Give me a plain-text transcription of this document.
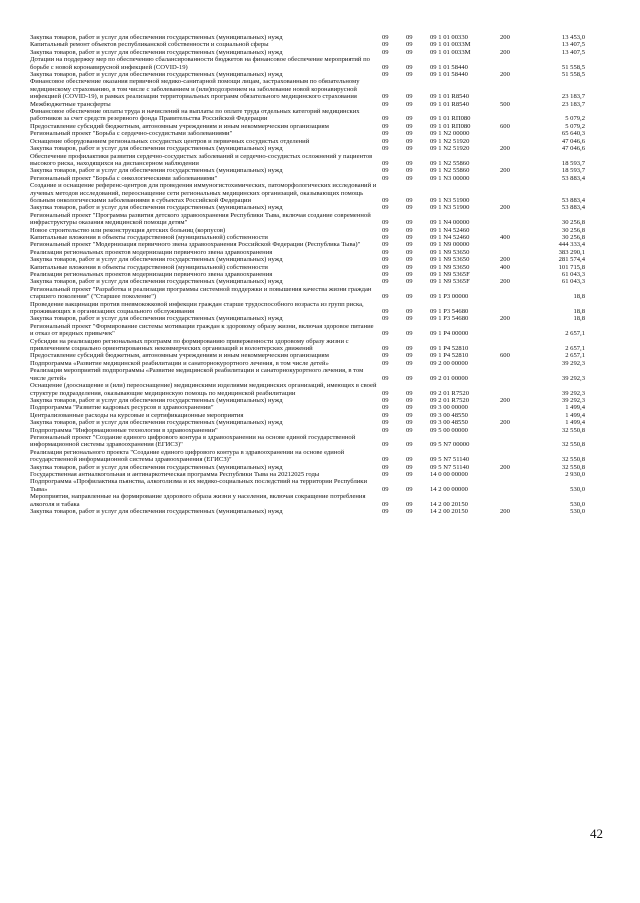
Закупка товаров, работ и услуг для обеспечения государственных (муниципальных) нужд	09	09	09 1 01 00330	200	13 453,0
Капитальный ремонт объектов республиканской собственности и социальной сферы	09	09	09 1 01 0033М	13 407,5
Закупка товаров, работ и услуг для обеспечения государственных (муниципальных) нужд	09	09	09 1 01 0033М	200	13 407,5
Дотации на поддержку мер по обеспечению сбалансированности бюджетов на финансовое обеспечение мероприятий по борьбе с новой коронавирусной инфекцией (COVID-19)	09	09	09 1 01 58440	51 558,5
Закупка товаров, работ и услуг для обеспечения государственных (муниципальных) нужд	09	09	09 1 01 58440	200	51 558,5
Финансовое обеспечение оказания первичной медико-санитарной помощи лицам, застрахованным по обязательному медицинскому страхованию, в том числе с заболеванием и (или)подозрением на заболевание новой коронавирусной инфекцией (COVID-19), в рамках реализации территориальных программ обязательного медицинского страхования	09	09	09 1 01 R8540	23 183,7
Межбюджетные трансферты	09	09	09 1 01 R8540	500	23 183,7
Финансовое обеспечение оплаты труда и начислений на выплаты по оплате труда отдельных категорий медицинских работников за счет средств резервного фонда Правительства Российской Федерации	09	09	09 1 01 RП080	5 079,2
Предоставление субсидий бюджетным, автономным учреждениям и иным некоммерческим организациям	09	09	09 1 01 RП080	600	5 079,2
Региональный проект "Борьба с сердечно-сосудистыми заболеваниями"	09	09	09 1 N2 00000	65 640,3
Оснащение оборудованием региональных сосудистых центров и первичных сосудистых отделений	09	09	09 1 N2 51920	47 046,6
Закупка товаров, работ и услуг для обеспечения государственных (муниципальных) нужд	09	09	09 1 N2 51920	200	47 046,6
Обеспечение профилактики развития сердечно-сосудистых заболеваний и сердечно-сосудистых осложнений у пациентов высокого риска, находящихся на диспансерном наблюдении	09	09	09 1 N2 55860	18 593,7
Закупка товаров, работ и услуг для обеспечения государственных (муниципальных) нужд	09	09	09 1 N2 55860	200	18 593,7
Региональный проект "Борьба с онкологическими заболеваниями"	09	09	09 1 N3 00000	53 883,4
Создание и оснащение референс-центров для проведения иммуногистохимических, патоморфологических исследований и лучевых методов исследований, переоснащение сети региональных медицинских организаций, оказывающих помощь больным онкологическими заболеваниями в субъектах Российской Федерации	09	09	09 1 N3 51900	53 883,4
Закупка товаров, работ и услуг для обеспечения государственных (муниципальных) нужд	09	09	09 1 N3 51900	200	53 883,4
Региональный проект "Программа развития детского здравоохранения Республики Тыва, включая создание современной инфраструктуры оказания медицинской помощи детям"	09	09	09 1 N4 00000	30 256,8
Новое строительство или реконструкция детских больниц (корпусов)	09	09	09 1 N4 52460	30 256,8
Капитальные вложения в объекты государственной (муниципальной) собственности	09	09	09 1 N4 52460	400	30 256,8
Региональный проект "Модернизация первичного звена здравоохранения Российской Федерации (Республика Тыва)"	09	09	09 1 N9 00000	444 333,4
Реализация региональных проектов модернизации первичного звена здравоохранения	09	09	09 1 N9 53650	383 290,1
Закупка товаров, работ и услуг для обеспечения государственных (муниципальных) нужд	09	09	09 1 N9 53650	200	281 574,4
Капитальные вложения в объекты государственной (муниципальной) собственности	09	09	09 1 N9 53650	400	101 715,8
Реализация региональных проектов модернизации первичного звена здравоохранения	09	09	09 1 N9 5365F	61 043,3
Закупка товаров, работ и услуг для обеспечения государственных (муниципальных) нужд	09	09	09 1 N9 5365F	200	61 043,3
Региональный проект "Разработка и реализация программы системной поддержки и повышения качества жизни граждан старшего поколения" ("Старшее поколение")	09	09	09 1 P3 00000	18,8
Проведение вакцинации против пневмококковой инфекции граждан старше трудоспособного возраста из групп риска, проживающих в организациях социального обслуживания	09	09	09 1 P3 54680	18,8
Закупка товаров, работ и услуг для обеспечения государственных (муниципальных) нужд	09	09	09 1 P3 54680	200	18,8
Региональный проект "Формирование системы мотивации граждан к здоровому образу жизни, включая здоровое питание и отказ от вредных привычек"	09	09	09 1 P4 00000	2 657,1
Субсидии на реализацию региональных программ по формированию приверженности здоровому образу жизни с привлечением социально ориентированных некоммерческих организаций и волонтерских движений	09	09	09 1 P4 52810	2 657,1
Предоставление субсидий бюджетным, автономным учреждениям и иным некоммерческим организациям	09	09	09 1 P4 52810	600	2 657,1
Подпрограмма «Развитие медицинской реабилитации и санаторнокурортного лечения, в том числе детей»	09	09	09 2 00 00000	39 292,3
Реализация мероприятий подпрограммы «Развитие медицинской реабилитации и санаторнокурортного лечения, в том числе детей»	09	09	09 2 01 00000	39 292,3
Оснащение (дооснащение и (или) переоснащение) медицинскими изделиями медицинских организаций, имеющих в своей структуре подразделения, оказывающие медицинскую помощь по медицинской реабилитации	09	09	09 2 01 R7520	39 292,3
Закупка товаров, работ и услуг для обеспечения государственных (муниципальных) нужд	09	09	09 2 01 R7520	200	39 292,3
Подпрограмма "Развитие кадровых ресурсов в здравоохранении"	09	09	09 3 00 00000	1 499,4
Централизованные расходы на курсовые и сертификационные мероприятия	09	09	09 3 00 48550	1 499,4
Закупка товаров, работ и услуг для обеспечения государственных (муниципальных) нужд	09	09	09 3 00 48550	200	1 499,4
Подпрограмма "Информационные технологии в здравоохранении"	09	09	09 5 00 00000	32 550,8
Региональный проект "Создание единого цифрового контура в здравоохранении на основе единой государственной информационной системы здравоохранения (ЕГИСЗ)"	09	09	09 5 N7 00000	32 550,8
Реализация регионального проекта "Создание единого цифрового контура в здравоохранении на основе единой государственной информационной системы здравоохранения (ЕГИСЗ)"	09	09	09 5 N7 51140	32 550,8
Закупка товаров, работ и услуг для обеспечения государственных (муниципальных) нужд	09	09	09 5 N7 51140	200	32 550,8
Государственная антиалкогольная и антинаркотическая программа Республики Тыва на 20212025 годы	09	09	14 0 00 00000	2 930,0
Подпрограмма «Профилактика пьянства, алкоголизма и их медико-социальных последствий на территории Республики Тыва»	09	09	14 2 00 00000	530,0
Мероприятия, направленные на формирование здорового образа жизни у населения, включая сокращение потребления алкоголя и табака	09	09	14 2 00 20150	530,0
Закупка товаров, работ и услуг для обеспечения государственных (муниципальных) нужд	09	09	14 2 00 20150	200	530,0
42
